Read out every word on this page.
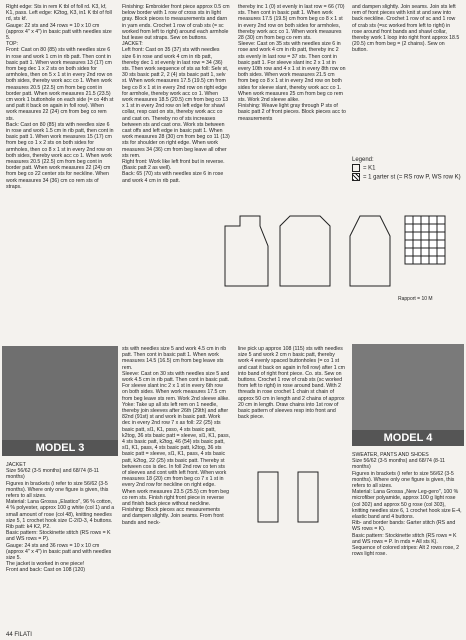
Right edge: Sts in rem K tbl of foll rd. K3, kf, K1, pass. Left edge: K2tog, K3, in1 K tbl of foll rd, sts kf.
Gauge: 22 sts and 34 rows = 10 x 10 cm (approx 4" x 4") in basic patt with needles size 5.
TOP:
Front: Cast on 80 (85) sts with needles size 6 in rose and work 1 cm in rib patt. Then cont in basic patt 1. When work measures 13 (17) cm from beg dec 1 x 2 sts on both sides for armholes, then on 5 x 1 st in every 2nd row on both sides, thereby work acc co 1. When work measures 20.5 (22.5) cm from beg cont in border patt. When work measures 21.5 (23.5) cm work 1 buttonhole on each side (= co 4th st and patt it back on again in foll row). When work measures 22 (24) cm from beg co rem sts.
Back: Cast on 80 (85) sts with needles size 6 in rose and work 1.5 cm in rib patt, then cont in basic patt 1. When work measures 15 (17) cm from beg co 1 x 2 sts on both sides for armholes, then co 8 x 1 st in every 2nd row on both sides, thereby work acc co 1. When work measures 20.5 (22.5) cm from beg cont in border patt. When work measures 22 (24) cm from beg co 22 center sts for neckline. When work measures 34 (36) cm co rem sts of straps.
Finishing: Embroider front piece approx 0.5 cm below border with 1 row of cross sts in light gray. Block pieces to measurements and darn in yarn ends. Crochet 1 row of crab sts (= sc worked from left to right) around each armhole but leave out straps. Sew on buttons.
JACKET:
Left front: Cast on 35 (37) sts with needles size 6 in rose and work 4 cm in rib patt, thereby dec 1 st evenly in last row = 34 (36) sts. Then work sequence of sts as foll: Selv st, 30 sts basic patt 2, 2 (4) sts basic patt 1, selv st. When work measures 17.5 (19.5) cm from beg co 8 x 1 st in every 2nd row on right edge for armhole, thereby work acc co 1. When work measures 18.5 (20.5) cm from beg co 13 x 1 st in every 2nd row on left edge for shawl collar, resp cast on sts, thereby work acc co and cast on. Thereby no of sts increases between sts and cast ons. Work sts between cast offs and left edge in basic patt 1. When work measures 28 (30) cm from beg co 11 (13) sts for shoulder on right edge. When work measures 34 (36) cm from beg leave all other sts rem.
Right front: Work like left front but in reverse. (Basic patt 2 as well).
Back: 65 (70) sts with needles size 6 in rose and work 4 cm in rib patt.
thereby inc 1 (0) st evenly in last row = 66 (70) sts. Then cont in basic patt 1. When work measures 17.5 (19.5) cm from beg co 8 x 1 st in every 2nd row on both sides for armholes, thereby work acc co 1. When work measures 28 (30) cm from beg co rem sts.
Sleeve: Cast on 35 sts with needles size 6 in rose and work 4 cm in rib patt, thereby inc 2 sts evenly in last row = 37 sts. Then cont in basic patt 1. For sleeve slant inc 2 x 1 st in every 10th row and 4 x 1 st in every 8th row on both sides. When work measures 21.5 cm from beg co 8 x 1 st in every 2nd row on both sides for sleeve slant, thereby work acc co 1. When work measures 25 cm from beg co rem sts. Work 2nd sleeve alike.
Finishing: Weave light gray through P sts of basic patt 2 of front pieces. Block pieces acc to measurements
and dampen slightly. Join seams. Join sts left rem of front pieces with knit st and sew into back neckline. Crochet 1 row of sc and 1 row of crab sts (=sc worked from left to right) in rose around front bands and shawl collar, thereby work 1 loop into right front approx 18.5 (20.5) cm from beg = (2 chains). Sew on button.
Legend:
= K1
= 1 garter st (= RS row P, WS row K)
Rapport = 10 M
sts with needles size 5 and work 4.5 cm in rib patt. Then cont in basic patt 1. When work measures 14.5 (16.5) cm from beg leave sts rem.
Sleeve: Cast on 30 sts with needles size 5 and work 4.5 cm in rib patt. Then cont in basic patt. For sleeve slant inc 2 x 1 st in every 6th row on both sides. When work measures 17.5 cm from beg leave sts rem. Work 2nd sleeve alike.
Yoke: Take up all sts left rem on 1 needle, thereby join sleeves after 26th (29th) and after 82nd (91st) st and work in basic patt. Work dec in every 2nd row 7 x as foll: 22 (25) sts basic patt, sl1, K1, psso, 4 sts basic patt, k2tog, 36 sts basic patt = sleeve, sl1, K1, pass, 4 sts basic patt, k2tog, 46 (54) sts basic patt, sl1, K1, pass, 4 sts basic patt, k2tog, 36 sts basic patt = sleeve, sl1, K1, pass, 4 sts basic patt, k2tog, 22 (25) sts basic patt. Thereby st between cos is dec. In foll 2nd row co ten sts of sleeves and cont with left front. When work measures 18 (20) cm from beg co 7 x 1 st in every 2nd row for neckline on right edge. When work measures 23.5 (25.5) cm from beg co rem sts. Finish right front piece in reverse and finish back piece without neckline.
Finishing: Block pieces acc measurements and dampen slightly. Join seams. From front bands and neck-
line pick up approx 108 (115) sts with needles size 5 and work 2 cm n basic patt, thereby work 4 evenly spaced buttonholes (= co 1 st and cast it back on again in foll row) after 1 cm into band of right front piece. Co. sts. Sew on buttons. Crochet 1 row of crab sts (sc worked from left to right) in rose around band. With 2 threads in rose crochet 1 chain st chain of approx 50 cm in length and 2 chains of approx 20 cm in length. Draw chains into 1st row of basic pattern of sleeves resp into front and back piece.
MODEL 3
JACKET
Size 56/62 (3-5 months) and 68/74 (8-11 months)
Figures in brackets (i refer to size 56/62 (3-5 months). Where only one figure is given, this refers to all sizes.
Material: Lana Grossa „Elastico", 96 % cotton, 4 % polyester, approx 100 g white (col 1) and a small amount of rose (col 48), knitting needles size 5, 1 crochet hook size C-2/D-3, 4 buttons.
Rib patt: k4 K2, P2.
Basic pattern: Stockinette stitch (RS rows = K and WS rows = P).
Gauge: 24 sts and 36 rows = 10 x 10 cm (approx 4" x 4") in basic patt and with needles size 5.
The jacket is worked in one piece!
Front and back: Cast on 108 (120)
MODEL 4
SWEATER, PANTS AND SHOES
Size 56/62 (3-5 months) and 68/74 (8-11 months)
Figures in brackets (i refer to size 56/62 (3-5 months). Where only one figure is given, this refers to all sizes.
Material: Lana Grossa „New Leg-gero", 100 % microfiber polyamide, approx 100 g light rose (col 302) and approx 50 g rose (col 303), knitting needles size 6, 1 crochet hook size E-4, elastic band and 4 buttons.
Rib- and border bands: Garter stitch (RS and WS rows = K).
Basic pattern: Stockinette stitch (RS rows = K and WS rows = P. In rnds = All sts K).
Sequence of colored stripes: Alt 2 rows rose, 2 rows light rose.
44 FILATI
